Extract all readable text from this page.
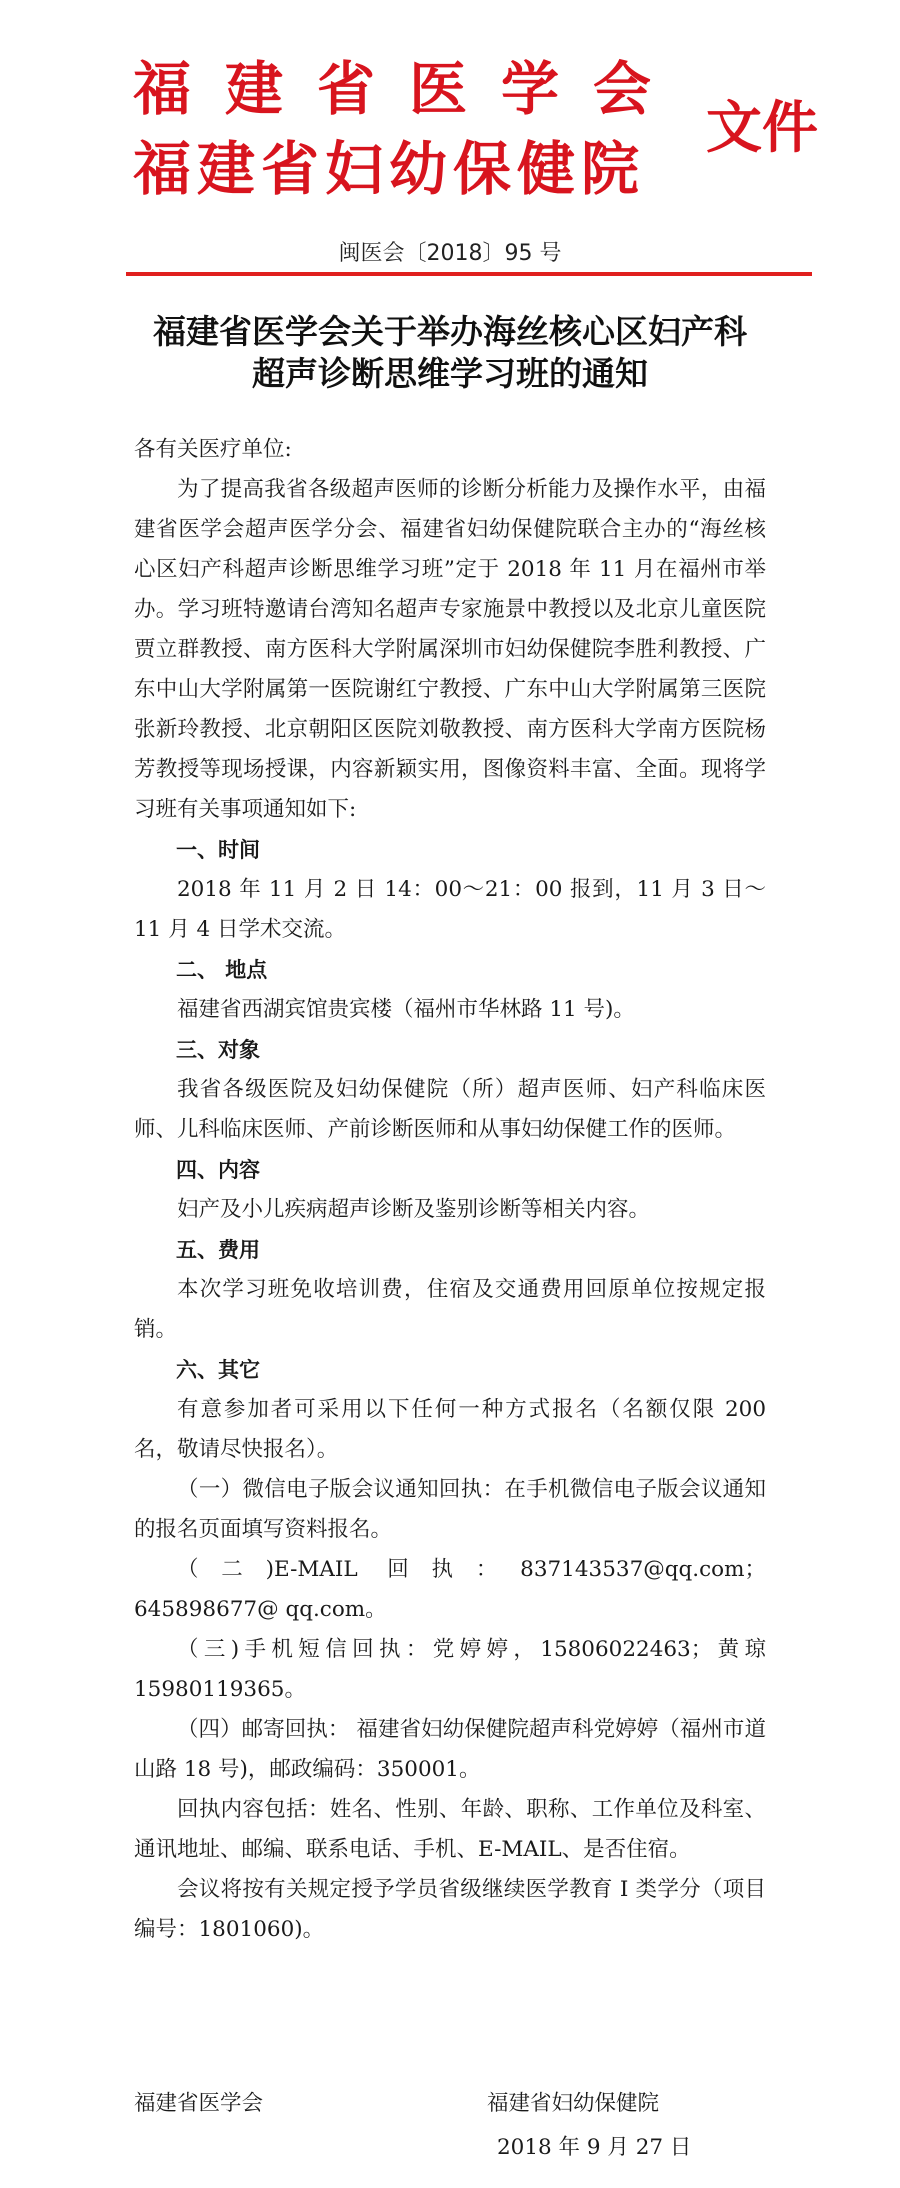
福建省医学会
福建省妇幼保健院
文件
闽医会〔2018〕95 号
福建省医学会关于举办海丝核心区妇产科
超声诊断思维学习班的通知

各有关医疗单位:

为了提高我省各级超声医师的诊断分析能力及操作水平，由福建省医学会超声医学分会、福建省妇幼保健院联合主办的“海丝核心区妇产科超声诊断思维学习班”定于 2018 年 11 月在福州市举办。学习班特邀请台湾知名超声专家施景中教授以及北京儿童医院贾立群教授、南方医科大学附属深圳市妇幼保健院李胜利教授、广东中山大学附属第一医院谢红宁教授、广东中山大学附属第三医院张新玲教授、北京朝阳区医院刘敬教授、南方医科大学南方医院杨芳教授等现场授课，内容新颖实用，图像资料丰富、全面。现将学习班有关事项通知如下:

一、时间

2018 年 11 月 2 日 14：00～21：00 报到，11 月 3 日～11 月 4 日学术交流。

二、 地点

福建省西湖宾馆贵宾楼（福州市华林路 11 号)。

三、对象

我省各级医院及妇幼保健院（所）超声医师、妇产科临床医师、儿科临床医师、产前诊断医师和从事妇幼保健工作的医师。

四、内容

妇产及小儿疾病超声诊断及鉴别诊断等相关内容。

五、费用

本次学习班免收培训费，住宿及交通费用回原单位按规定报销。

六、其它

有意参加者可采用以下任何一种方式报名（名额仅限 200 名，敬请尽快报名）。

（一）微信电子版会议通知回执：在手机微信电子版会议通知的报名页面填写资料报名。

（二)E-MAIL 回执：837143537@qq.com；645898677@ qq.com。

（三)手机短信回执：党婷婷，15806022463；黄琼 15980119365。

（四）邮寄回执： 福建省妇幼保健院超声科党婷婷（福州市道山路 18 号)，邮政编码：350001。

回执内容包括：姓名、性别、年龄、职称、工作单位及科室、通讯地址、邮编、联系电话、手机、E-MAIL、是否住宿。

会议将按有关规定授予学员省级继续医学教育 I 类学分（项目编号：1801060)。

福建省医学会	福建省妇幼保健院
2018 年 9 月 27 日
